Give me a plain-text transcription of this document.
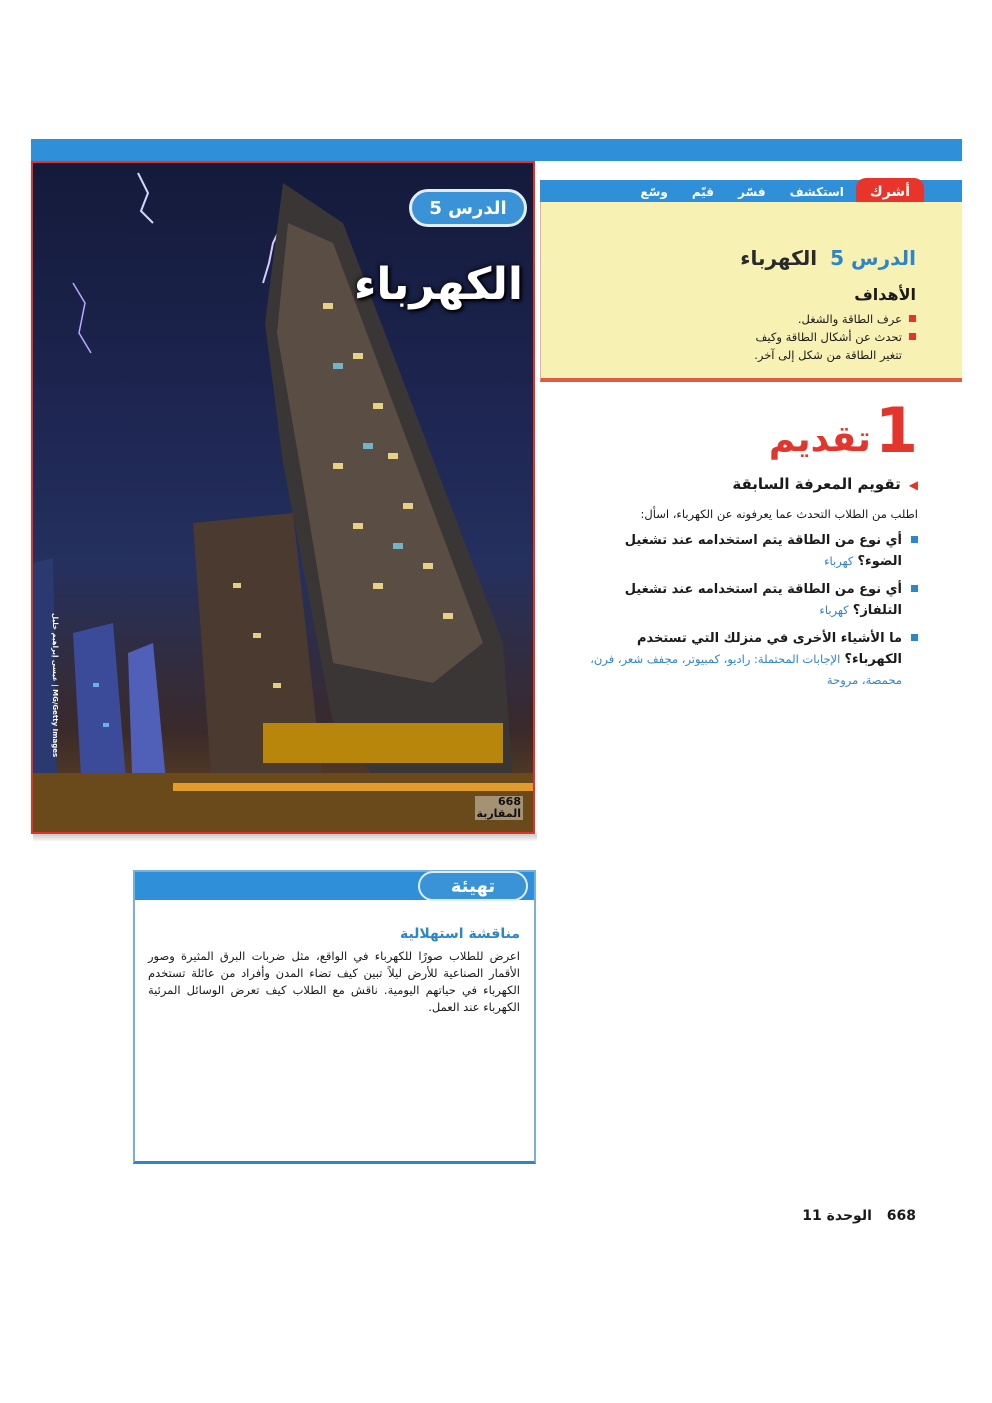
الدرس 5
الكهرباء
عيسى إبراهيم خليل | MG/Getty Images
668
المقاربة
أشرك
استكشف
فسّر
قيّم
وسّع
الدرس 5 الكهرباء
الأهداف
عرف الطاقة والشغل.
تحدث عن أشكال الطاقة وكيف تتغير الطاقة من شكل إلى آخر.
1
تقديم
◀تقويم المعرفة السابقة
اطلب من الطلاب التحدث عما يعرفونه عن الكهرباء، اسأل:
أي نوع من الطاقة يتم استخدامه عند تشغيل الضوء؟ كهرباء
أي نوع من الطاقة يتم استخدامه عند تشغيل التلفاز؟ كهرباء
ما الأشياء الأخرى في منزلك التي تستخدم الكهرباء؟ الإجابات المحتملة: راديو، كمبيوتر، مجفف شعر، فرن، محمصة، مروحة
تهيئة
مناقشة استهلالية
اعرض للطلاب صورًا للكهرباء في الواقع، مثل ضربات البرق المثيرة وصور الأقمار الصناعية للأرض ليلاً تبين كيف تضاء المدن وأفراد من عائلة تستخدم الكهرباء في حياتهم اليومية. ناقش مع الطلاب كيف تعرض الوسائل المرئية الكهرباء عند العمل.
668 الوحدة 11
